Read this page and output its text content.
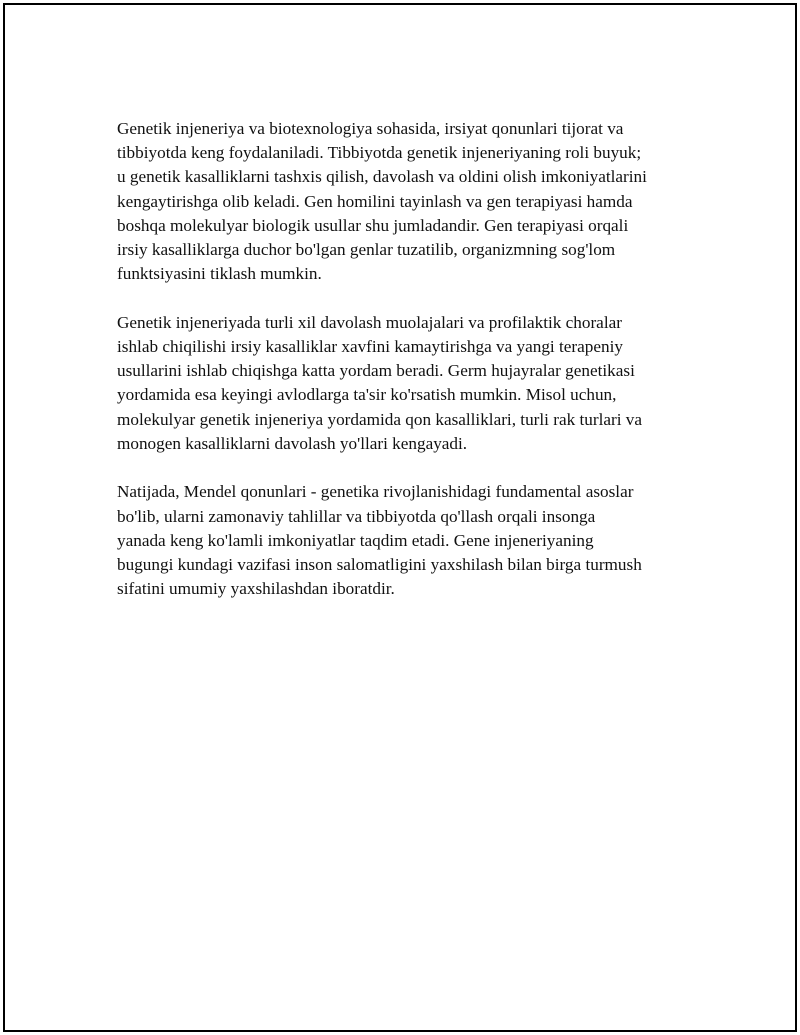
Genetik injeneriya va biotexnologiya sohasida, irsiyat qonunlari tijorat va
tibbiyotda keng foydalaniladi. Tibbiyotda genetik injeneriyaning roli buyuk;
u genetik kasalliklarni tashxis qilish, davolash va oldini olish imkoniyatlarini
kengaytirishga olib keladi. Gen homilini tayinlash va gen terapiyasi hamda
boshqa molekulyar biologik usullar shu jumladandir. Gen terapiyasi orqali
irsiy kasalliklarga duchor bo'lgan genlar tuzatilib, organizmning sog'lom
funktsiyasini tiklash mumkin.

Genetik injeneriyada turli xil davolash muolajalari va profilaktik choralar
ishlab chiqilishi irsiy kasalliklar xavfini kamaytirishga va yangi terapeniy
usullarini ishlab chiqishga katta yordam beradi. Germ hujayralar genetikasi
yordamida esa keyingi avlodlarga ta'sir ko'rsatish mumkin. Misol uchun,
molekulyar genetik injeneriya yordamida qon kasalliklari, turli rak turlari va
monogen kasalliklarni davolash yo'llari kengayadi.

Natijada, Mendel qonunlari - genetika rivojlanishidagi fundamental asoslar
bo'lib, ularni zamonaviy tahlillar va tibbiyotda qo'llash orqali insonga
yanada keng ko'lamli imkoniyatlar taqdim etadi. Gene injeneriyaning
bugungi kundagi vazifasi inson salomatligini yaxshilash bilan birga turmush
sifatini umumiy yaxshilashdan iboratdir.
